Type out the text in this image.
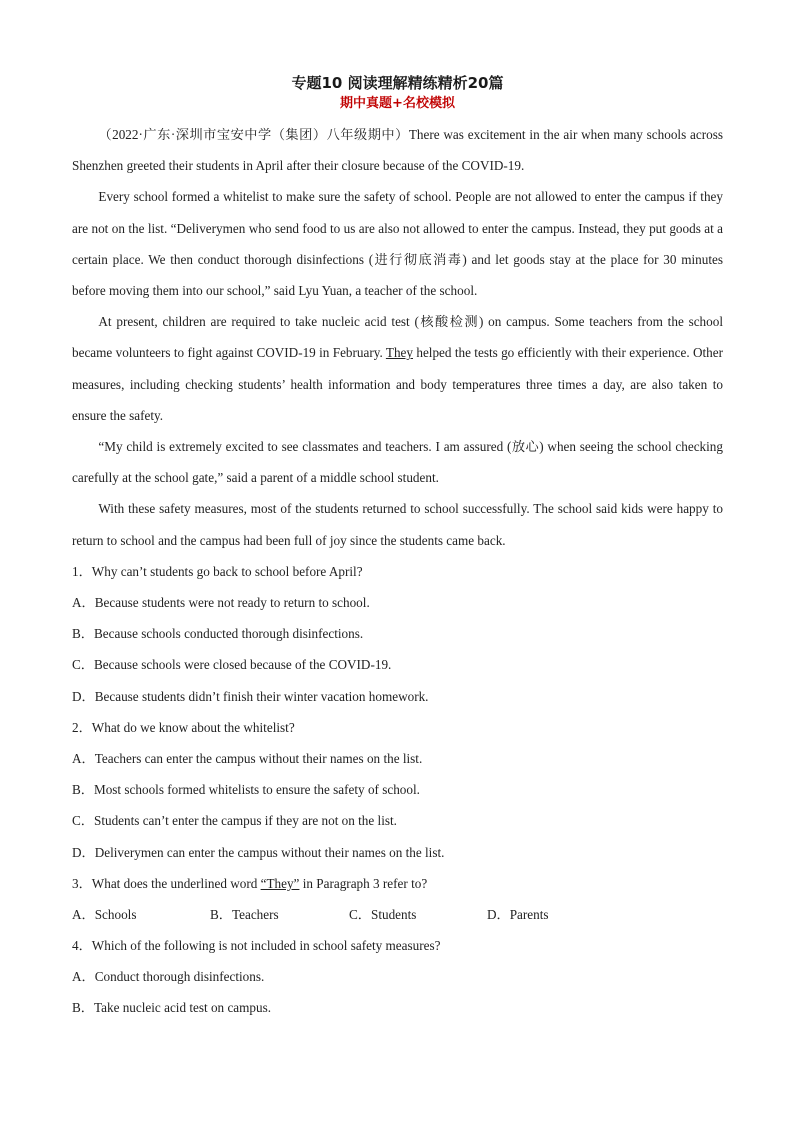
专题10 阅读理解精练精析20篇
期中真题+名校模拟

（2022·广东·深圳市宝安中学（集团）八年级期中）There was excitement in the air when many schools across Shenzhen greeted their students in April after their closure because of the COVID-19.

Every school formed a whitelist to make sure the safety of school. People are not allowed to enter the campus if they are not on the list. “Deliverymen who send food to us are also not allowed to enter the campus. Instead, they put goods at a certain place. We then conduct thorough disinfections (进行彻底消毒) and let goods stay at the place for 30 minutes before moving them into our school,” said Lyu Yuan, a teacher of the school.

At present, children are required to take nucleic acid test (核酸检测) on campus. Some teachers from the school became volunteers to fight against COVID-19 in February. They helped the tests go efficiently with their experience. Other measures, including checking students’ health information and body temperatures three times a day, are also taken to ensure the safety.

“My child is extremely excited to see classmates and teachers. I am assured (放心) when seeing the school checking carefully at the school gate,” said a parent of a middle school student.

With these safety measures, most of the students returned to school successfully. The school said kids were happy to return to school and the campus had been full of joy since the students came back.

1．Why can’t students go back to school before April?
A．Because students were not ready to return to school.
B．Because schools conducted thorough disinfections.
C．Because schools were closed because of the COVID-19.
D．Because students didn’t finish their winter vacation homework.
2．What do we know about the whitelist?
A．Teachers can enter the campus without their names on the list.
B．Most schools formed whitelists to ensure the safety of school.
C．Students can’t enter the campus if they are not on the list.
D．Deliverymen can enter the campus without their names on the list.
3．What does the underlined word “They” in Paragraph 3 refer to?
A．Schools	B．Teachers	C．Students	D．Parents
4．Which of the following is not included in school safety measures?
A．Conduct thorough disinfections.
B．Take nucleic acid test on campus.
